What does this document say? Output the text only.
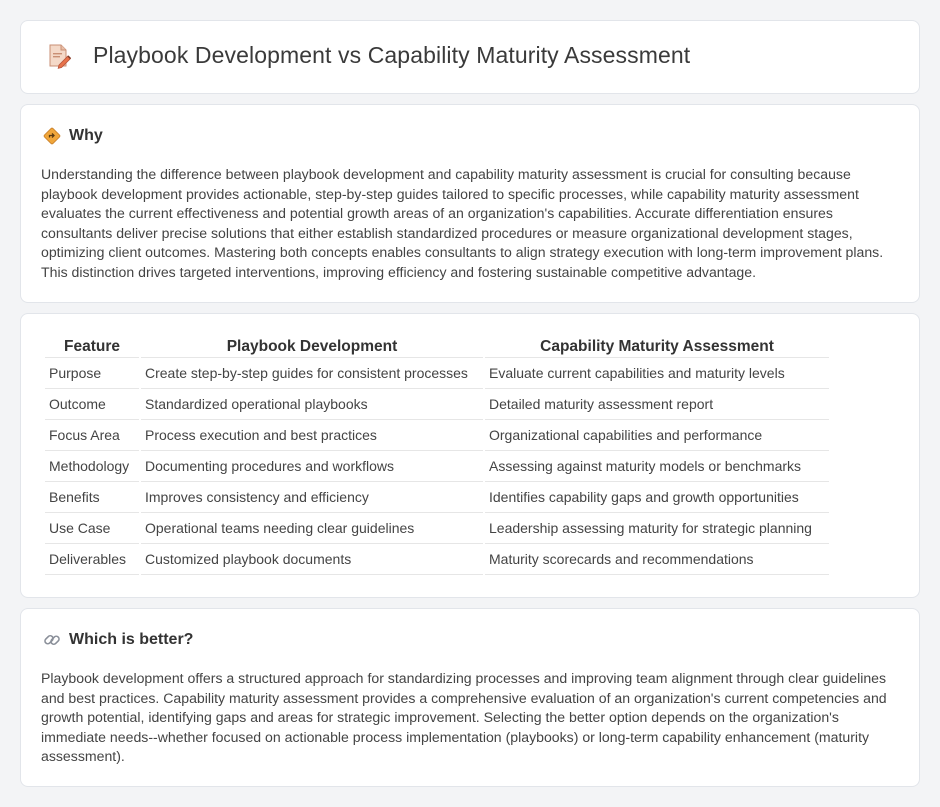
Playbook Development vs Capability Maturity Assessment
Why

Understanding the difference between playbook development and capability maturity assessment is crucial for consulting because playbook development provides actionable, step-by-step guides tailored to specific processes, while capability maturity assessment evaluates the current effectiveness and potential growth areas of an organization's capabilities. Accurate differentiation ensures consultants deliver precise solutions that either establish standardized procedures or measure organizational development stages, optimizing client outcomes. Mastering both concepts enables consultants to align strategy execution with long-term improvement plans. This distinction drives targeted interventions, improving efficiency and fostering sustainable competitive advantage.

Feature	Playbook Development	Capability Maturity Assessment
Purpose	Create step-by-step guides for consistent processes	Evaluate current capabilities and maturity levels
Outcome	Standardized operational playbooks	Detailed maturity assessment report
Focus Area	Process execution and best practices	Organizational capabilities and performance
Methodology	Documenting procedures and workflows	Assessing against maturity models or benchmarks
Benefits	Improves consistency and efficiency	Identifies capability gaps and growth opportunities
Use Case	Operational teams needing clear guidelines	Leadership assessing maturity for strategic planning
Deliverables	Customized playbook documents	Maturity scorecards and recommendations
Which is better?

Playbook development offers a structured approach for standardizing processes and improving team alignment through clear guidelines and best practices. Capability maturity assessment provides a comprehensive evaluation of an organization's current competencies and growth potential, identifying gaps and areas for strategic improvement. Selecting the better option depends on the organization's immediate needs--whether focused on actionable process implementation (playbooks) or long-term capability enhancement (maturity assessment).
